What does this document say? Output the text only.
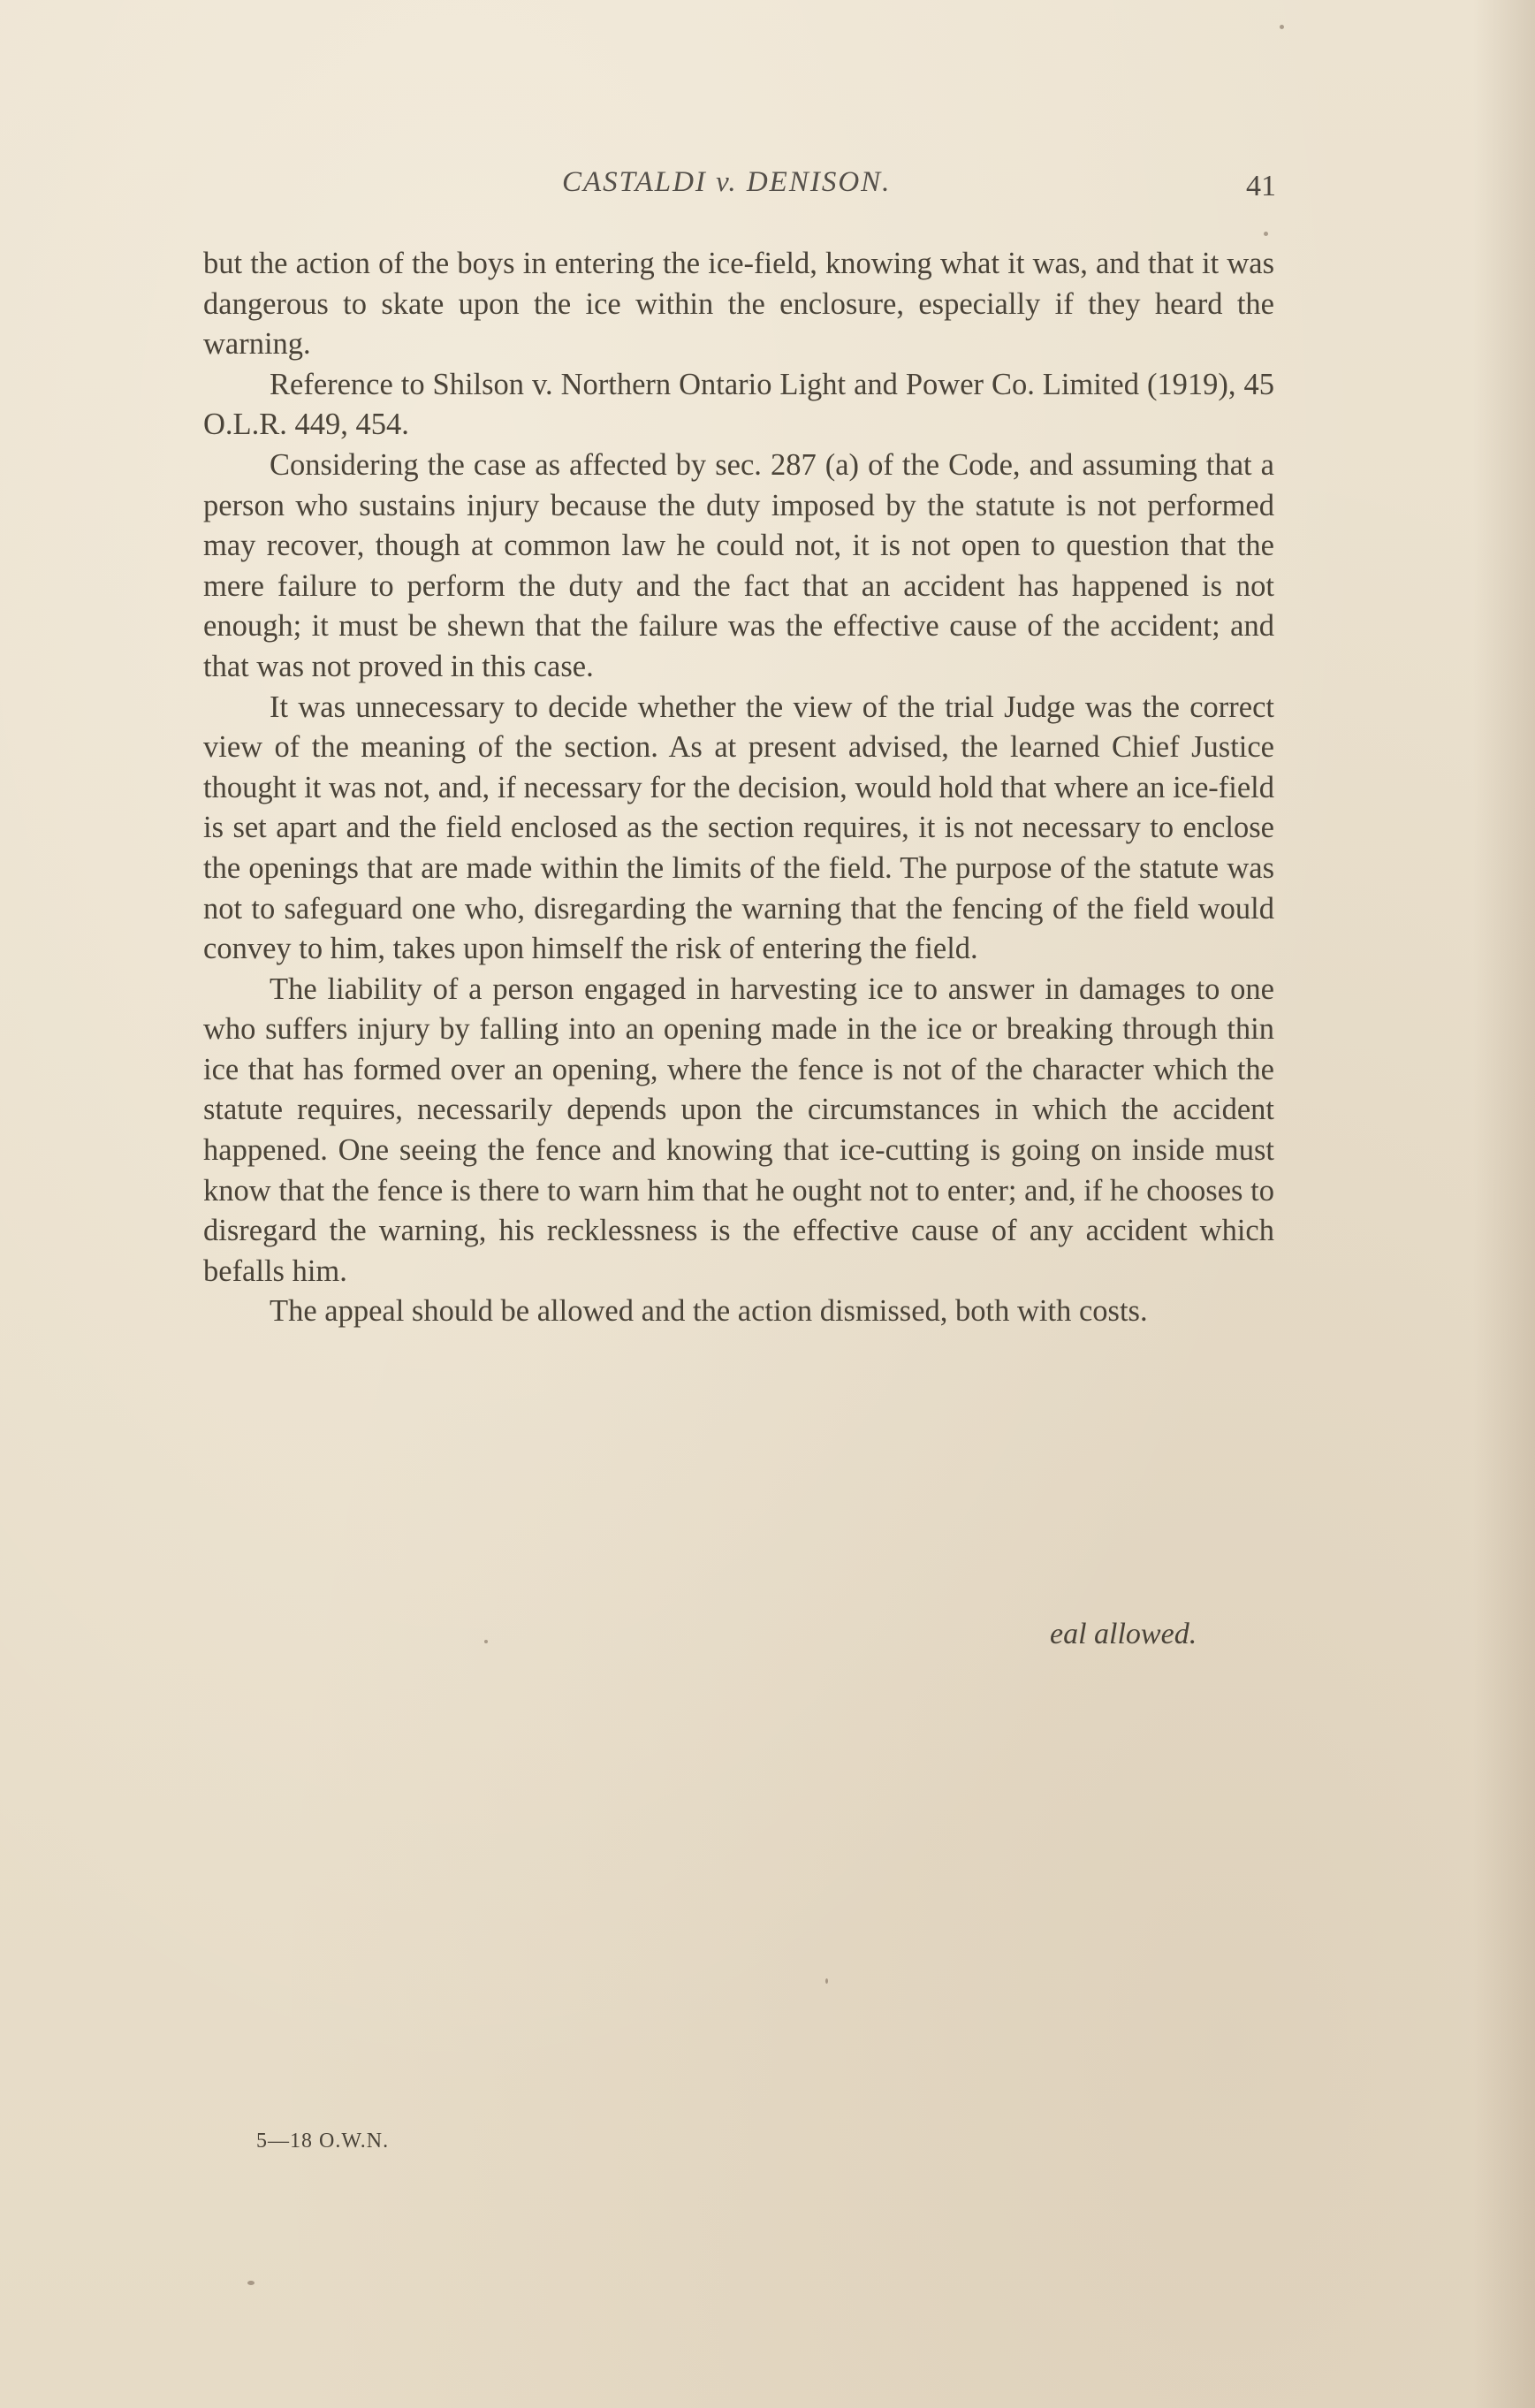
CASTALDI v. DENISON.	41

but the action of the boys in entering the ice-field, knowing what it was, and that it was dangerous to skate upon the ice within the enclosure, especially if they heard the warning.

Reference to Shilson v. Northern Ontario Light and Power Co. Limited (1919), 45 O.L.R. 449, 454.

Considering the case as affected by sec. 287 (a) of the Code, and assuming that a person who sustains injury because the duty imposed by the statute is not performed may recover, though at common law he could not, it is not open to question that the mere failure to perform the duty and the fact that an accident has happened is not enough; it must be shewn that the failure was the effective cause of the accident; and that was not proved in this case.

It was unnecessary to decide whether the view of the trial Judge was the correct view of the meaning of the section. As at present advised, the learned Chief Justice thought it was not, and, if necessary for the decision, would hold that where an ice-field is set apart and the field enclosed as the section requires, it is not necessary to enclose the openings that are made within the limits of the field. The purpose of the statute was not to safeguard one who, disregarding the warning that the fencing of the field would convey to him, takes upon himself the risk of entering the field.

The liability of a person engaged in harvesting ice to answer in damages to one who suffers injury by falling into an opening made in the ice or breaking through thin ice that has formed over an opening, where the fence is not of the character which the statute requires, necessarily depends upon the circumstances in which the accident happened. One seeing the fence and knowing that ice-cutting is going on inside must know that the fence is there to warn him that he ought not to enter; and, if he chooses to disregard the warning, his recklessness is the effective cause of any accident which befalls him.

The appeal should be allowed and the action dismissed, both with costs.

eal allowed.
5—18 O.W.N.
